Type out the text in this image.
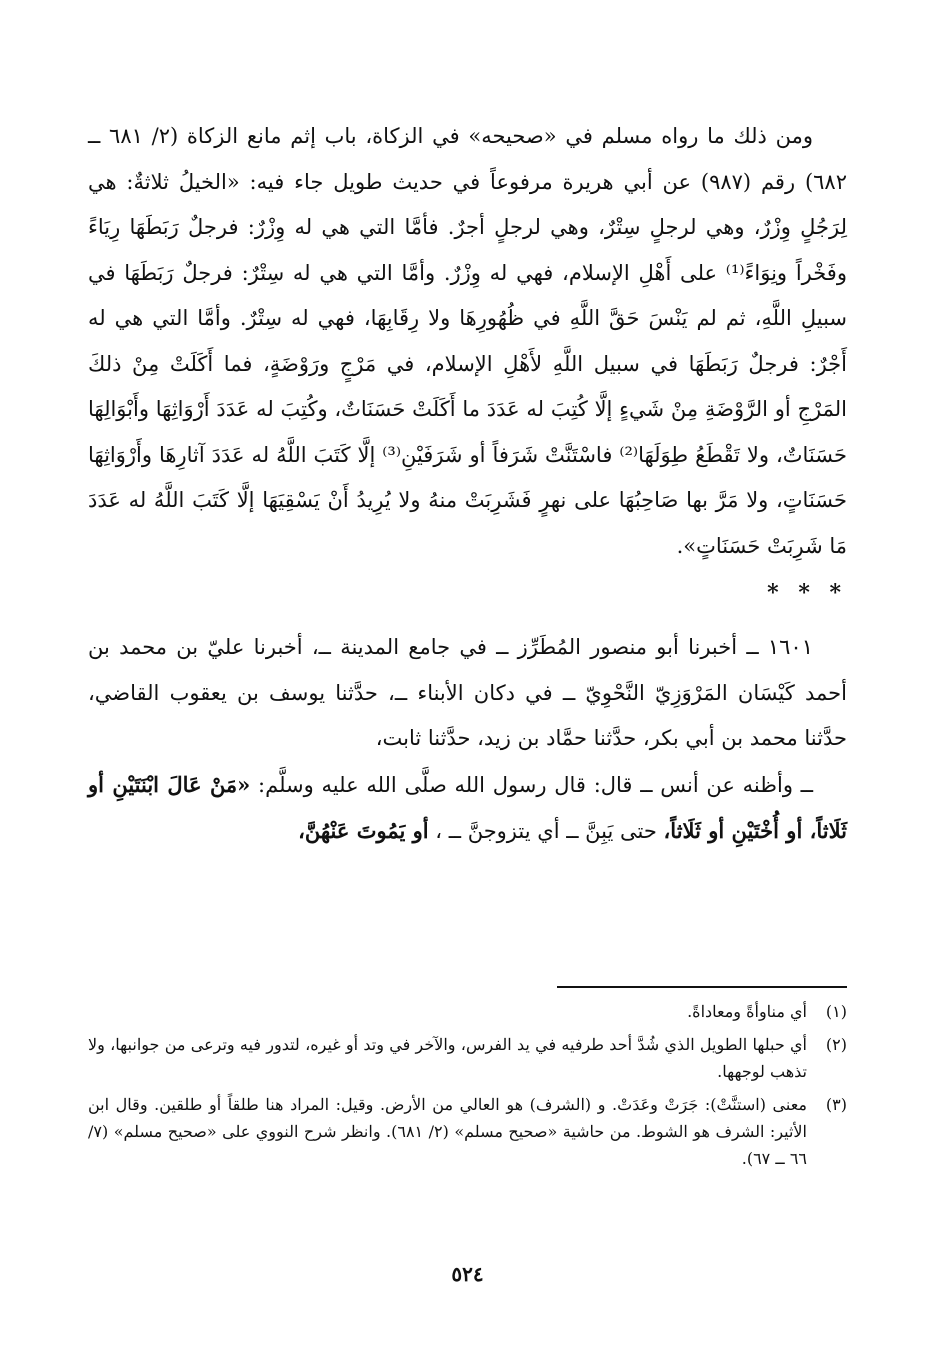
ومن ذلك ما رواه مسلم في «صحيحه» في الزكاة، باب إثم مانع الزكاة (٢/ ٦٨١ ــ ٦٨٢) رقم (٩٨٧) عن أبي هريرة مرفوعاً في حديث طويل جاء فيه: «الخيلُ ثلاثةٌ: هي لِرَجُلٍ وِزْرٌ، وهي لرجلٍ سِتْرٌ، وهي لرجلٍ أجرٌ. فأمَّا التي هي له وِزْرٌ: فرجلٌ رَبَطَهَا رِيَاءً وفَخْراً ونِوَاءً⁽¹⁾ على أَهْلِ الإسلام، فهي له وِزْرٌ. وأمَّا التي هي له سِتْرٌ: فرجلٌ رَبَطَهَا في سبيلِ اللَّهِ، ثم لم يَنْسَ حَقَّ اللَّهِ في ظُهُورِهَا ولا رِقَابِهَا، فهي له سِتْرٌ. وأمَّا التي هي له أَجْرٌ: فرجلٌ رَبَطَهَا في سبيل اللَّهِ لأَهْلِ الإسلام، في مَرْجٍ ورَوْضَةٍ، فما أَكَلَتْ مِنْ ذلكَ المَرْجِ أو الرَّوْضَةِ مِنْ شَيءٍ إلَّا كُتِبَ له عَدَدَ ما أَكَلَتْ حَسَنَاتٌ، وكُتِبَ له عَدَدَ أَرْوَاثِهَا وأَبْوَالِهَا حَسَنَاتٌ، ولا تَقْطَعُ طِوَلَهَا⁽²⁾ فاسْتَنَّتْ شَرَفاً أو شَرَفَيْنِ⁽³⁾ إلَّا كَتَبَ اللَّهُ له عَدَدَ آثارِهَا وأَرْوَاثِهَا حَسَنَاتٍ، ولا مَرَّ بها صَاحِبُهَا على نهرٍ فَشَرِبَتْ منهُ ولا يُرِيدُ أَنْ يَسْقِيَهَا إلَّا كَتَبَ اللَّهُ له عَدَدَ مَا شَرِبَتْ حَسَنَاتٍ».

* * *

١٦٠١ ــ أخبرنا أبو منصور المُطَرِّز ــ في جامع المدينة ــ، أخبرنا عليّ بن محمد بن أحمد كَيْسَان المَرْوَزِيّ النَّحْوِيّ ــ في دكان الأبناء ــ، حدَّثنا يوسف بن يعقوب القاضي، حدَّثنا محمد بن أبي بكر، حدَّثنا حمَّاد بن زيد، حدَّثنا ثابت،

ــ وأظنه عن أنس ــ قال: قال رسول الله صلَّى الله عليه وسلَّم: «مَنْ عَالَ ابْنَتَيْنِ أو ثَلَاثاً، أو أُخْتَيْنِ أو ثَلَاثاً، حتى يَبِنَّ ــ أي يتزوجنَّ ــ ، أو يَمُوتَ عَنْهُنَّ،

(١)
أي مناوأةً ومعاداةً.
(٢)
أي حبلها الطويل الذي شُدَّ أحد طرفيه في يد الفرس، والآخر في وتد أو غيره، لتدور فيه وترعى من جوانبها، ولا تذهب لوجهها.
(٣)
معنى (استنَّتْ): جَرَتْ وعَدَتْ. و (الشرف) هو العالي من الأرض. وقيل: المراد هنا طلقاً أو طلقين. وقال ابن الأثير: الشرف هو الشوط. من حاشية «صحيح مسلم» (٢/ ٦٨١). وانظر شرح النووي على «صحيح مسلم» (٧/ ٦٦ ــ ٦٧).
٥٢٤
